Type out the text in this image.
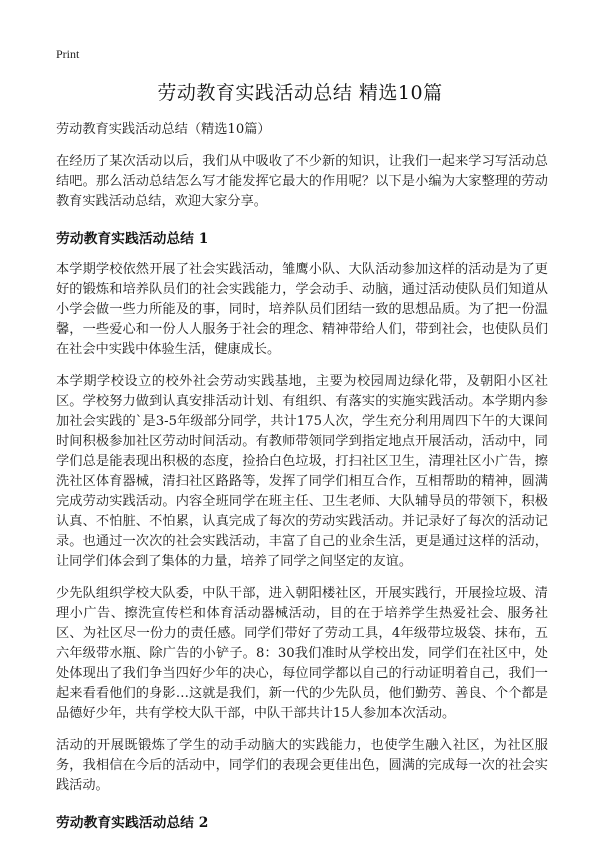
Print
劳动教育实践活动总结 精选10篇
劳动教育实践活动总结（精选10篇）

在经历了某次活动以后，我们从中吸收了不少新的知识，让我们一起来学习写活动总结吧。那么活动总结怎么写才能发挥它最大的作用呢？以下是小编为大家整理的劳动教育实践活动总结，欢迎大家分享。

劳动教育实践活动总结 1

本学期学校依然开展了社会实践活动，雏鹰小队、大队活动参加这样的活动是为了更好的锻炼和培养队员们的社会实践能力，学会动手、动脑，通过活动使队员们知道从小学会做一些力所能及的事，同时，培养队员们团结一致的思想品质。为了把一份温馨，一些爱心和一份人人服务于社会的理念、精神带给人们，带到社会，也使队员们在社会中实践中体验生活，健康成长。

本学期学校设立的校外社会劳动实践基地，主要为校园周边绿化带，及朝阳小区社区。学校努力做到认真安排活动计划、有组织、有落实的实施实践活动。本学期内参加社会实践的`是3-5年级部分同学，共计175人次，学生充分利用周四下午的大课间时间积极参加社区劳动时间活动。有教师带领同学到指定地点开展活动，活动中，同学们总是能表现出积极的态度，捡拾白色垃圾，打扫社区卫生，清理社区小广告，擦洗社区体育器械，清扫社区路路等，发挥了同学们相互合作，互相帮助的精神，圆满完成劳动实践活动。内容全班同学在班主任、卫生老师、大队辅导员的带领下，积极认真、不怕脏、不怕累，认真完成了每次的劳动实践活动。并记录好了每次的活动记录。也通过一次次的社会实践活动，丰富了自己的业余生活，更是通过这样的活动，让同学们体会到了集体的力量，培养了同学之间坚定的友谊。

少先队组织学校大队委，中队干部，进入朝阳楼社区，开展实践行，开展捡垃圾、清理小广告、擦洗宣传栏和体育活动器械活动，目的在于培养学生热爱社会、服务社区、为社区尽一份力的责任感。同学们带好了劳动工具，4年级带垃圾袋、抹布，五六年级带水瓶、除广告的小铲子。8：30我们准时从学校出发，同学们在社区中，处处体现出了我们争当四好少年的决心，每位同学都以自己的行动证明着自己，我们一起来看看他们的身影…这就是我们，新一代的少先队员，他们勤劳、善良、个个都是品德好少年，共有学校大队干部，中队干部共计15人参加本次活动。

活动的开展既锻炼了学生的动手动脑大的实践能力，也使学生融入社区，为社区服务，我相信在今后的活动中，同学们的表现会更佳出色，圆满的完成每一次的社会实践活动。

劳动教育实践活动总结 2
